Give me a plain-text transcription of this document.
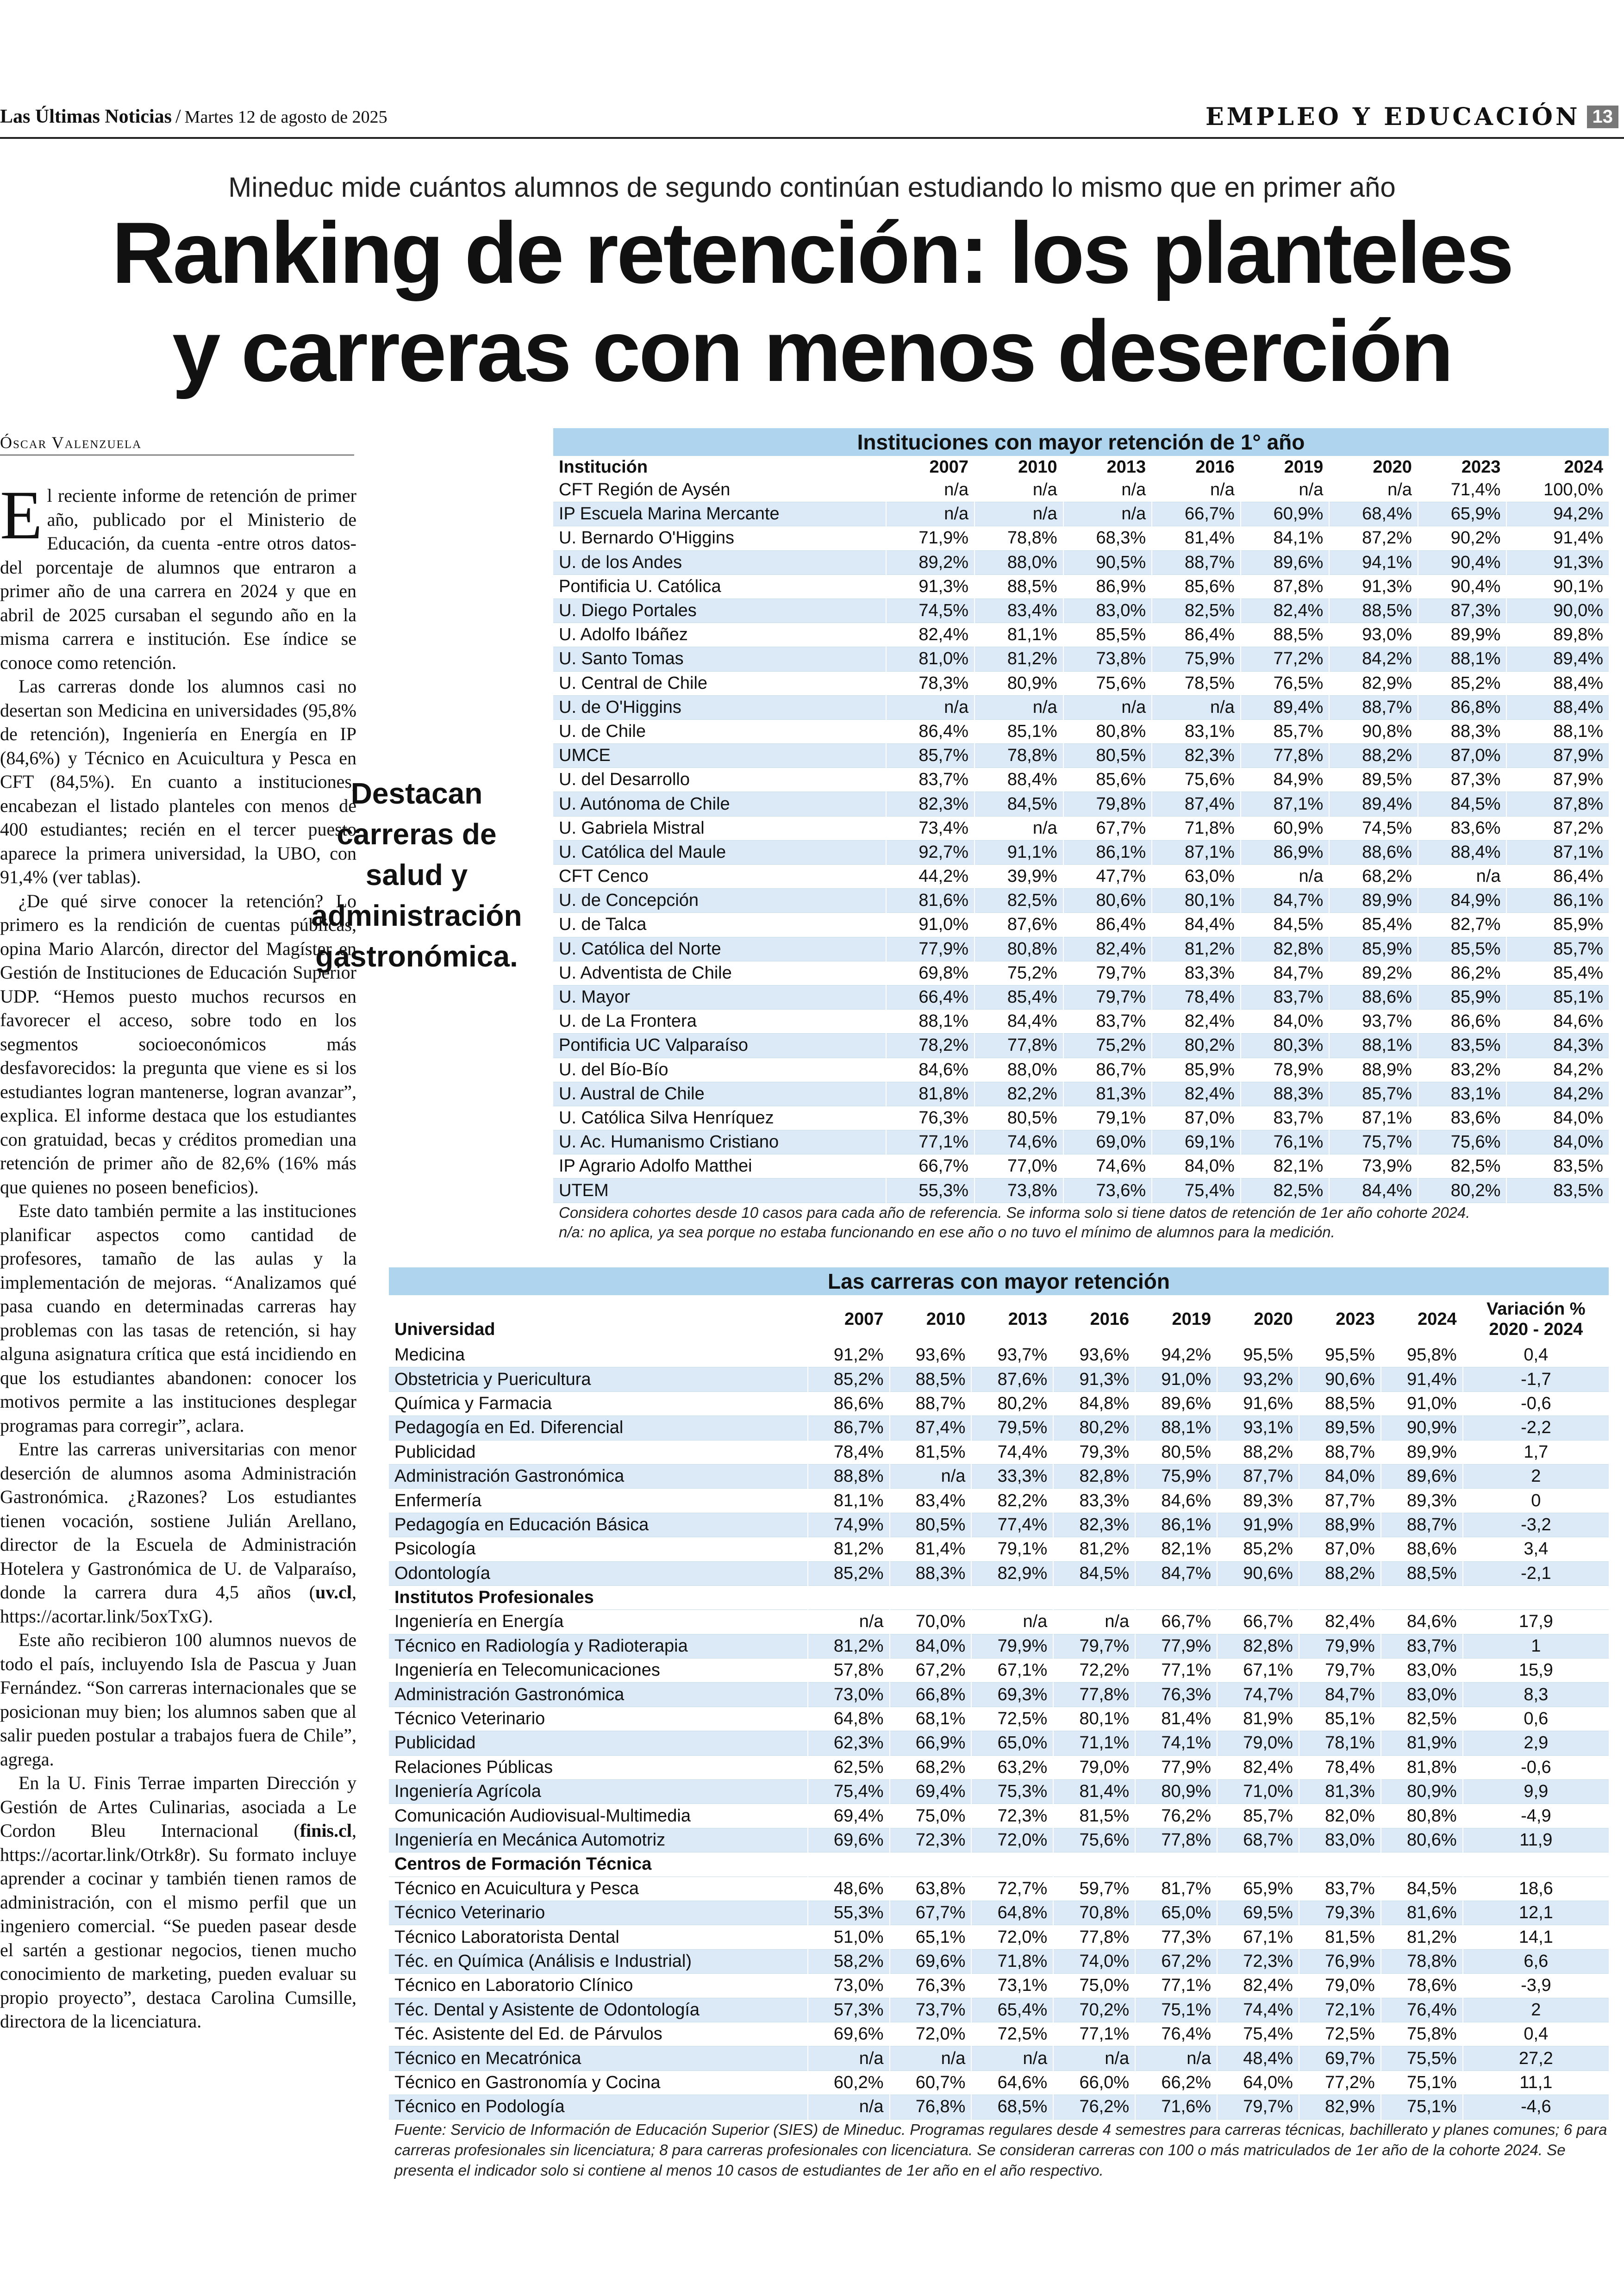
Las Últimas Noticias / Martes 12 de agosto de 2025	EMPLEO Y EDUCACIÓN 13
Mineduc mide cuántos alumnos de segundo continúan estudiando lo mismo que en primer año
Ranking de retención: los planteles
y carreras con menos deserción
Óscar Valenzuela

El reciente informe de retención de primer año, publicado por el Ministerio de Educación, da cuenta -entre otros datos- del porcentaje de alumnos que entraron a primer año de una carrera en 2024 y que en abril de 2025 cursaban el segundo año en la misma carrera e institución. Ese índice se conoce como retención.

Las carreras donde los alumnos casi no desertan son Medicina en universidades (95,8% de retención), Ingeniería en Energía en IP (84,6%) y Técnico en Acuicultura y Pesca en CFT (84,5%). En cuanto a instituciones, encabezan el listado planteles con menos de 400 estudiantes; recién en el tercer puesto aparece la primera universidad, la UBO, con 91,4% (ver tablas).

¿De qué sirve conocer la retención? Lo primero es la rendición de cuentas públicas, opina Mario Alarcón, director del Magíster en Gestión de Instituciones de Educación Superior UDP. “Hemos puesto muchos recursos en favorecer el acceso, sobre todo en los segmentos socioeconómicos más desfavorecidos: la pregunta que viene es si los estudiantes logran mantenerse, logran avanzar”, explica. El informe destaca que los estudiantes con gratuidad, becas y créditos promedian una retención de primer año de 82,6% (16% más que quienes no poseen beneficios).

Este dato también permite a las instituciones planificar aspectos como cantidad de profesores, tamaño de las aulas y la implementación de mejoras. “Analizamos qué pasa cuando en determinadas carreras hay problemas con las tasas de retención, si hay alguna asignatura crítica que está incidiendo en que los estudiantes abandonen: conocer los motivos permite a las instituciones desplegar programas para corregir”, aclara.

Entre las carreras universitarias con menor deserción de alumnos asoma Administración Gastronómica. ¿Razones? Los estudiantes tienen vocación, sostiene Julián Arellano, director de la Escuela de Administración Hotelera y Gastronómica de U. de Valparaíso, donde la carrera dura 4,5 años (uv.cl, https://acortar.link/5oxTxG).

Este año recibieron 100 alumnos nuevos de todo el país, incluyendo Isla de Pascua y Juan Fernández. “Son carreras internacionales que se posicionan muy bien; los alumnos saben que al salir pueden postular a trabajos fuera de Chile”, agrega.

En la U. Finis Terrae imparten Dirección y Gestión de Artes Culinarias, asociada a Le Cordon Bleu Internacional (finis.cl, https://acortar.link/Otrk8r). Su formato incluye aprender a cocinar y también tienen ramos de administración, con el mismo perfil que un ingeniero comercial. “Se pueden pasear desde el sartén a gestionar negocios, tienen mucho conocimiento de marketing, pueden evaluar su propio proyecto”, destaca Carolina Cumsille, directora de la licenciatura.

Destacan carreras de salud y administración gastronómica.
Instituciones con mayor retención de 1° año
Institución	2007	2010	2013	2016	2019	2020	2023	2024
CFT Región de Aysén	n/a	n/a	n/a	n/a	n/a	n/a	71,4%	100,0%
IP Escuela Marina Mercante	n/a	n/a	n/a	66,7%	60,9%	68,4%	65,9%	94,2%
U. Bernardo O'Higgins	71,9%	78,8%	68,3%	81,4%	84,1%	87,2%	90,2%	91,4%
U. de los Andes	89,2%	88,0%	90,5%	88,7%	89,6%	94,1%	90,4%	91,3%
Pontificia U. Católica	91,3%	88,5%	86,9%	85,6%	87,8%	91,3%	90,4%	90,1%
U. Diego Portales	74,5%	83,4%	83,0%	82,5%	82,4%	88,5%	87,3%	90,0%
U. Adolfo Ibáñez	82,4%	81,1%	85,5%	86,4%	88,5%	93,0%	89,9%	89,8%
U. Santo Tomas	81,0%	81,2%	73,8%	75,9%	77,2%	84,2%	88,1%	89,4%
U. Central de Chile	78,3%	80,9%	75,6%	78,5%	76,5%	82,9%	85,2%	88,4%
U. de O'Higgins	n/a	n/a	n/a	n/a	89,4%	88,7%	86,8%	88,4%
U. de Chile	86,4%	85,1%	80,8%	83,1%	85,7%	90,8%	88,3%	88,1%
UMCE	85,7%	78,8%	80,5%	82,3%	77,8%	88,2%	87,0%	87,9%
U. del Desarrollo	83,7%	88,4%	85,6%	75,6%	84,9%	89,5%	87,3%	87,9%
U. Autónoma de Chile	82,3%	84,5%	79,8%	87,4%	87,1%	89,4%	84,5%	87,8%
U. Gabriela Mistral	73,4%	n/a	67,7%	71,8%	60,9%	74,5%	83,6%	87,2%
U. Católica del Maule	92,7%	91,1%	86,1%	87,1%	86,9%	88,6%	88,4%	87,1%
CFT Cenco	44,2%	39,9%	47,7%	63,0%	n/a	68,2%	n/a	86,4%
U. de Concepción	81,6%	82,5%	80,6%	80,1%	84,7%	89,9%	84,9%	86,1%
U. de Talca	91,0%	87,6%	86,4%	84,4%	84,5%	85,4%	82,7%	85,9%
U. Católica del Norte	77,9%	80,8%	82,4%	81,2%	82,8%	85,9%	85,5%	85,7%
U. Adventista de Chile	69,8%	75,2%	79,7%	83,3%	84,7%	89,2%	86,2%	85,4%
U. Mayor	66,4%	85,4%	79,7%	78,4%	83,7%	88,6%	85,9%	85,1%
U. de La Frontera	88,1%	84,4%	83,7%	82,4%	84,0%	93,7%	86,6%	84,6%
Pontificia UC Valparaíso	78,2%	77,8%	75,2%	80,2%	80,3%	88,1%	83,5%	84,3%
U. del Bío-Bío	84,6%	88,0%	86,7%	85,9%	78,9%	88,9%	83,2%	84,2%
U. Austral de Chile	81,8%	82,2%	81,3%	82,4%	88,3%	85,7%	83,1%	84,2%
U. Católica Silva Henríquez	76,3%	80,5%	79,1%	87,0%	83,7%	87,1%	83,6%	84,0%
U. Ac. Humanismo Cristiano	77,1%	74,6%	69,0%	69,1%	76,1%	75,7%	75,6%	84,0%
IP Agrario Adolfo Matthei	66,7%	77,0%	74,6%	84,0%	82,1%	73,9%	82,5%	83,5%
UTEM	55,3%	73,8%	73,6%	75,4%	82,5%	84,4%	80,2%	83,5%
Considera cohortes desde 10 casos para cada año de referencia. Se informa solo si tiene datos de retención de 1er año cohorte 2024.
n/a: no aplica, ya sea porque no estaba funcionando en ese año o no tuvo el mínimo de alumnos para la medición.
Las carreras con mayor retención
Universidad	2007	2010	2013	2016	2019	2020	2023	2024	Variación %
2020 - 2024

Medicina	91,2%	93,6%	93,7%	93,6%	94,2%	95,5%	95,5%	95,8%	0,4
Obstetricia y Puericultura	85,2%	88,5%	87,6%	91,3%	91,0%	93,2%	90,6%	91,4%	-1,7
Química y Farmacia	86,6%	88,7%	80,2%	84,8%	89,6%	91,6%	88,5%	91,0%	-0,6
Pedagogía en Ed. Diferencial	86,7%	87,4%	79,5%	80,2%	88,1%	93,1%	89,5%	90,9%	-2,2
Publicidad	78,4%	81,5%	74,4%	79,3%	80,5%	88,2%	88,7%	89,9%	1,7
Administración Gastronómica	88,8%	n/a	33,3%	82,8%	75,9%	87,7%	84,0%	89,6%	2
Enfermería	81,1%	83,4%	82,2%	83,3%	84,6%	89,3%	87,7%	89,3%	0
Pedagogía en Educación Básica	74,9%	80,5%	77,4%	82,3%	86,1%	91,9%	88,9%	88,7%	-3,2
Psicología	81,2%	81,4%	79,1%	81,2%	82,1%	85,2%	87,0%	88,6%	3,4
Odontología	85,2%	88,3%	82,9%	84,5%	84,7%	90,6%	88,2%	88,5%	-2,1
Institutos Profesionales									
Ingeniería en Energía	n/a	70,0%	n/a	n/a	66,7%	66,7%	82,4%	84,6%	17,9
Técnico en Radiología y Radioterapia	81,2%	84,0%	79,9%	79,7%	77,9%	82,8%	79,9%	83,7%	1
Ingeniería en Telecomunicaciones	57,8%	67,2%	67,1%	72,2%	77,1%	67,1%	79,7%	83,0%	15,9
Administración Gastronómica	73,0%	66,8%	69,3%	77,8%	76,3%	74,7%	84,7%	83,0%	8,3
Técnico Veterinario	64,8%	68,1%	72,5%	80,1%	81,4%	81,9%	85,1%	82,5%	0,6
Publicidad	62,3%	66,9%	65,0%	71,1%	74,1%	79,0%	78,1%	81,9%	2,9
Relaciones Públicas	62,5%	68,2%	63,2%	79,0%	77,9%	82,4%	78,4%	81,8%	-0,6
Ingeniería Agrícola	75,4%	69,4%	75,3%	81,4%	80,9%	71,0%	81,3%	80,9%	9,9
Comunicación Audiovisual-Multimedia	69,4%	75,0%	72,3%	81,5%	76,2%	85,7%	82,0%	80,8%	-4,9
Ingeniería en Mecánica Automotriz	69,6%	72,3%	72,0%	75,6%	77,8%	68,7%	83,0%	80,6%	11,9
Centros de Formación Técnica									
Técnico en Acuicultura y Pesca	48,6%	63,8%	72,7%	59,7%	81,7%	65,9%	83,7%	84,5%	18,6
Técnico Veterinario	55,3%	67,7%	64,8%	70,8%	65,0%	69,5%	79,3%	81,6%	12,1
Técnico Laboratorista Dental	51,0%	65,1%	72,0%	77,8%	77,3%	67,1%	81,5%	81,2%	14,1
Téc. en Química (Análisis e Industrial)	58,2%	69,6%	71,8%	74,0%	67,2%	72,3%	76,9%	78,8%	6,6
Técnico en Laboratorio Clínico	73,0%	76,3%	73,1%	75,0%	77,1%	82,4%	79,0%	78,6%	-3,9
Téc. Dental y Asistente de Odontología	57,3%	73,7%	65,4%	70,2%	75,1%	74,4%	72,1%	76,4%	2
Téc. Asistente del Ed. de Párvulos	69,6%	72,0%	72,5%	77,1%	76,4%	75,4%	72,5%	75,8%	0,4
Técnico en Mecatrónica	n/a	n/a	n/a	n/a	n/a	48,4%	69,7%	75,5%	27,2
Técnico en Gastronomía y Cocina	60,2%	60,7%	64,6%	66,0%	66,2%	64,0%	77,2%	75,1%	11,1
Técnico en Podología	n/a	76,8%	68,5%	76,2%	71,6%	79,7%	82,9%	75,1%	-4,6
Fuente: Servicio de Información de Educación Superior (SIES) de Mineduc. Programas regulares desde 4 semestres para carreras técnicas, bachillerato y planes comunes; 6 para carreras profesionales sin licenciatura; 8 para carreras profesionales con licenciatura. Se consideran carreras con 100 o más matriculados de 1er año de la cohorte 2024. Se presenta el indicador solo si contiene al menos 10 casos de estudiantes de 1er año en el año respectivo.
